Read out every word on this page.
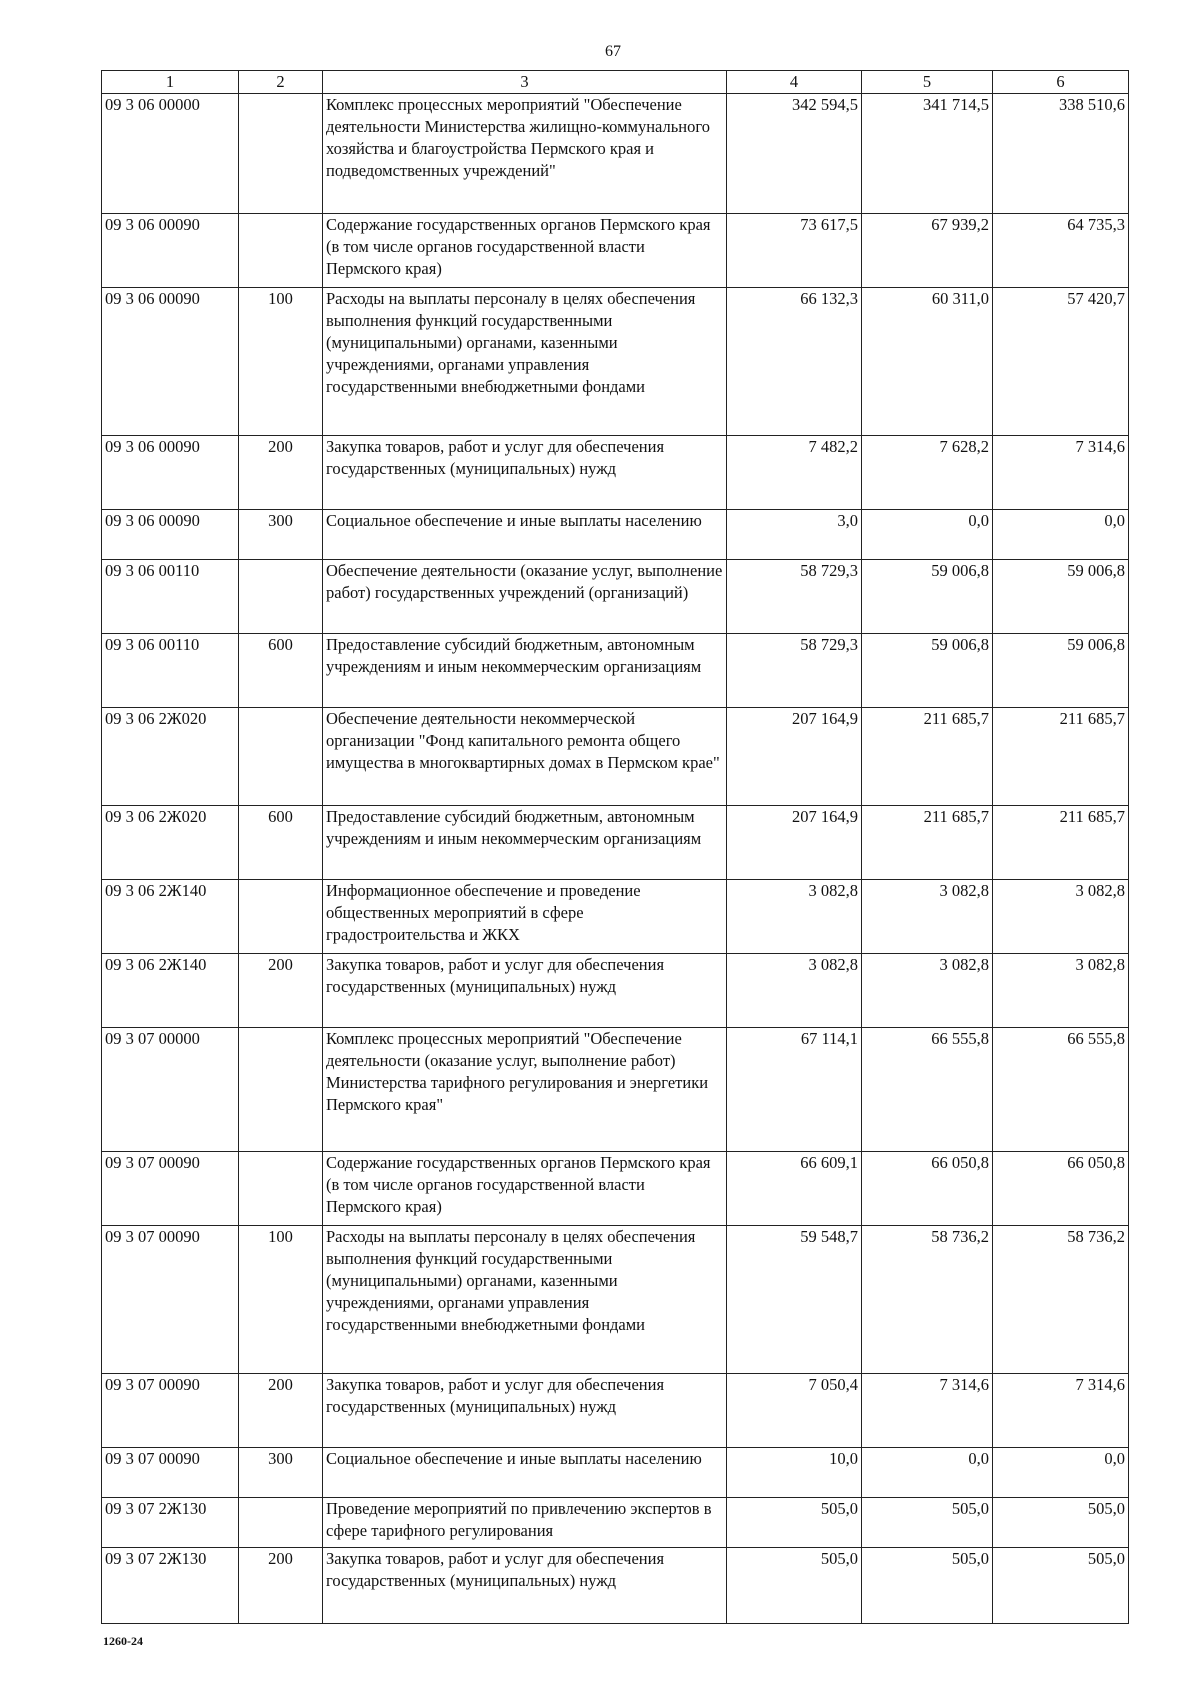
67
1	2	3	4	5	6
09 3 06 00000		Комплекс процессных мероприятий "Обеспечение деятельности Министерства жилищно-коммунального хозяйства и благоустройства Пермского края и подведомственных учреждений"	342 594,5	341 714,5	338 510,6
09 3 06 00090		Содержание государственных органов Пермского края (в том числе органов государственной власти Пермского края)	73 617,5	67 939,2	64 735,3
09 3 06 00090	100	Расходы на выплаты персоналу в целях обеспечения выполнения функций государственными (муниципальными) органами, казенными учреждениями, органами управления государственными внебюджетными фондами	66 132,3	60 311,0	57 420,7
09 3 06 00090	200	Закупка товаров, работ и услуг для обеспечения государственных (муниципальных) нужд	7 482,2	7 628,2	7 314,6
09 3 06 00090	300	Социальное обеспечение и иные выплаты населению	3,0	0,0	0,0
09 3 06 00110		Обеспечение деятельности (оказание услуг, выполнение работ) государственных учреждений (организаций)	58 729,3	59 006,8	59 006,8
09 3 06 00110	600	Предоставление субсидий бюджетным, автономным учреждениям и иным некоммерческим организациям	58 729,3	59 006,8	59 006,8
09 3 06 2Ж020		Обеспечение деятельности некоммерческой организации "Фонд капитального ремонта общего имущества в многоквартирных домах в Пермском крае"	207 164,9	211 685,7	211 685,7
09 3 06 2Ж020	600	Предоставление субсидий бюджетным, автономным учреждениям и иным некоммерческим организациям	207 164,9	211 685,7	211 685,7
09 3 06 2Ж140		Информационное обеспечение и проведение общественных мероприятий в сфере градостроительства и ЖКХ	3 082,8	3 082,8	3 082,8
09 3 06 2Ж140	200	Закупка товаров, работ и услуг для обеспечения государственных (муниципальных) нужд	3 082,8	3 082,8	3 082,8
09 3 07 00000		Комплекс процессных мероприятий "Обеспечение деятельности (оказание услуг, выполнение работ) Министерства тарифного регулирования и энергетики Пермского края"	67 114,1	66 555,8	66 555,8
09 3 07 00090		Содержание государственных органов Пермского края (в том числе органов государственной власти Пермского края)	66 609,1	66 050,8	66 050,8
09 3 07 00090	100	Расходы на выплаты персоналу в целях обеспечения выполнения функций государственными (муниципальными) органами, казенными учреждениями, органами управления государственными внебюджетными фондами	59 548,7	58 736,2	58 736,2
09 3 07 00090	200	Закупка товаров, работ и услуг для обеспечения государственных (муниципальных) нужд	7 050,4	7 314,6	7 314,6
09 3 07 00090	300	Социальное обеспечение и иные выплаты населению	10,0	0,0	0,0
09 3 07 2Ж130		Проведение мероприятий по привлечению экспертов в сфере тарифного регулирования	505,0	505,0	505,0
09 3 07 2Ж130	200	Закупка товаров, работ и услуг для обеспечения государственных (муниципальных) нужд	505,0	505,0	505,0
1260-24
